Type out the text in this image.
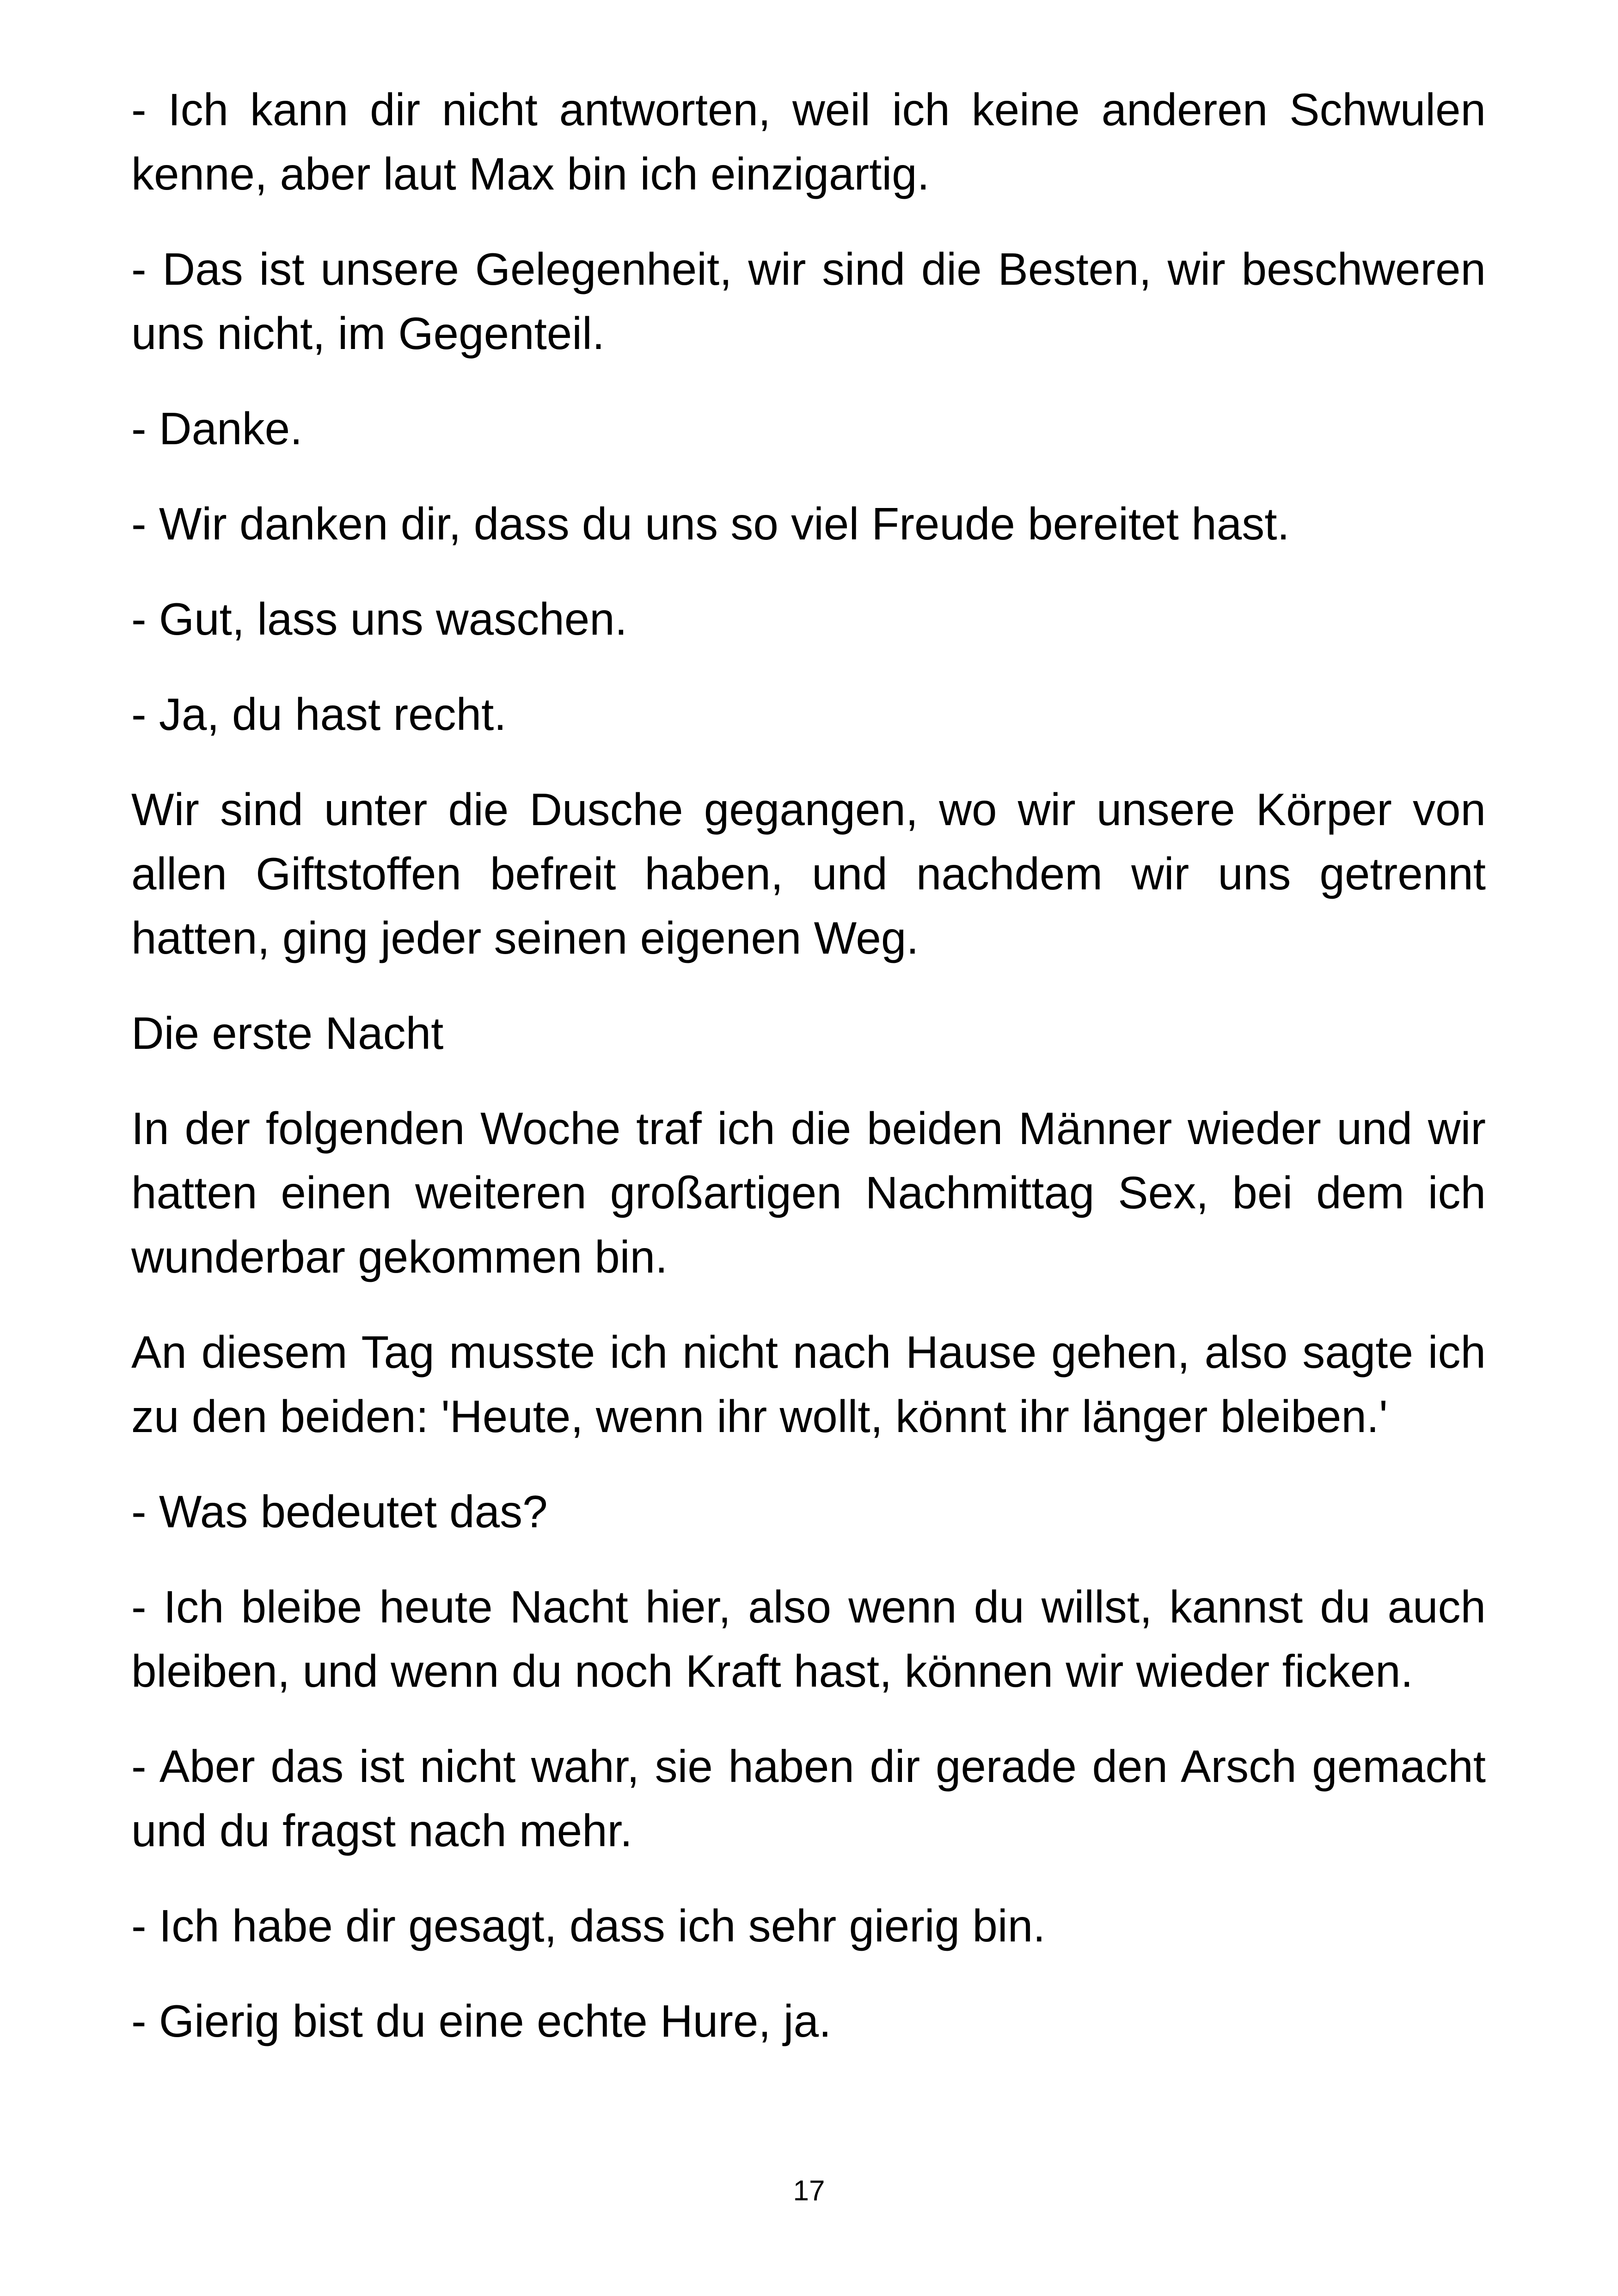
- Ich kann dir nicht antworten, weil ich keine anderen Schwulen kenne, aber laut Max bin ich einzigartig.

- Das ist unsere Gelegenheit, wir sind die Besten, wir beschweren uns nicht, im Gegenteil.

- Danke.

- Wir danken dir, dass du uns so viel Freude bereitet hast.

- Gut, lass uns waschen.

- Ja, du hast recht.

Wir sind unter die Dusche gegangen, wo wir unsere Körper von allen Giftstoffen befreit haben, und nachdem wir uns getrennt hatten, ging jeder seinen eigenen Weg.

Die erste Nacht

In der folgenden Woche traf ich die beiden Männer wieder und wir hatten einen weiteren großartigen Nachmittag Sex, bei dem ich wunderbar gekommen bin.

An diesem Tag musste ich nicht nach Hause gehen, also sagte ich zu den beiden: 'Heute, wenn ihr wollt, könnt ihr länger bleiben.'

- Was bedeutet das?

- Ich bleibe heute Nacht hier, also wenn du willst, kannst du auch bleiben, und wenn du noch Kraft hast, können wir wieder ficken.

- Aber das ist nicht wahr, sie haben dir gerade den Arsch gemacht und du fragst nach mehr.

- Ich habe dir gesagt, dass ich sehr gierig bin.

- Gierig bist du eine echte Hure, ja.

17
